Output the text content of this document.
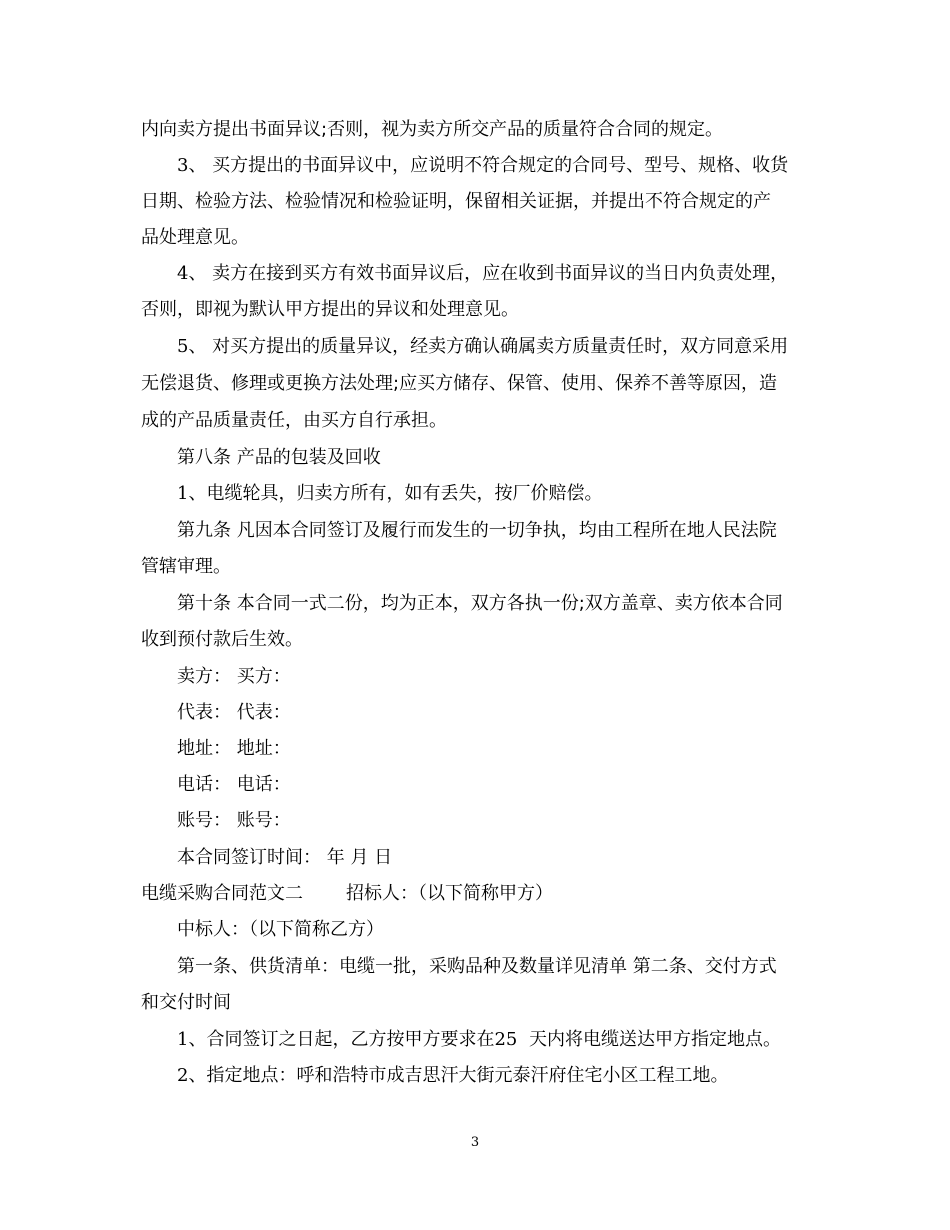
内向卖方提出书面异议;否则，视为卖方所交产品的质量符合合同的规定。
3、 买方提出的书面异议中，应说明不符合规定的合同号、型号、规格、收货
日期、检验方法、检验情况和检验证明，保留相关证据，并提出不符合规定的产
品处理意见。
4、 卖方在接到买方有效书面异议后，应在收到书面异议的当日内负责处理，
否则，即视为默认甲方提出的异议和处理意见。
5、 对买方提出的质量异议，经卖方确认确属卖方质量责任时，双方同意采用
无偿退货、修理或更换方法处理;应买方储存、保管、使用、保养不善等原因，造
成的产品质量责任，由买方自行承担。
第八条 产品的包装及回收
1、电缆轮具，归卖方所有，如有丢失，按厂价赔偿。
第九条 凡因本合同签订及履行而发生的一切争执，均由工程所在地人民法院
管辖审理。
第十条 本合同一式二份，均为正本，双方各执一份;双方盖章、卖方依本合同
收到预付款后生效。
卖方： 买方：
代表： 代表：
地址： 地址：
电话： 电话：
账号： 账号：
本合同签订时间： 年 月 日
电缆采购合同范文二	招标人：（以下简称甲方）
中标人：（以下简称乙方）
第一条、供货清单：电缆一批，采购品种及数量详见清单 第二条、交付方式
和交付时间
1、合同签订之日起，乙方按甲方要求在25 天内将电缆送达甲方指定地点。
2、指定地点：呼和浩特市成吉思汗大街元泰汗府住宅小区工程工地。
3
